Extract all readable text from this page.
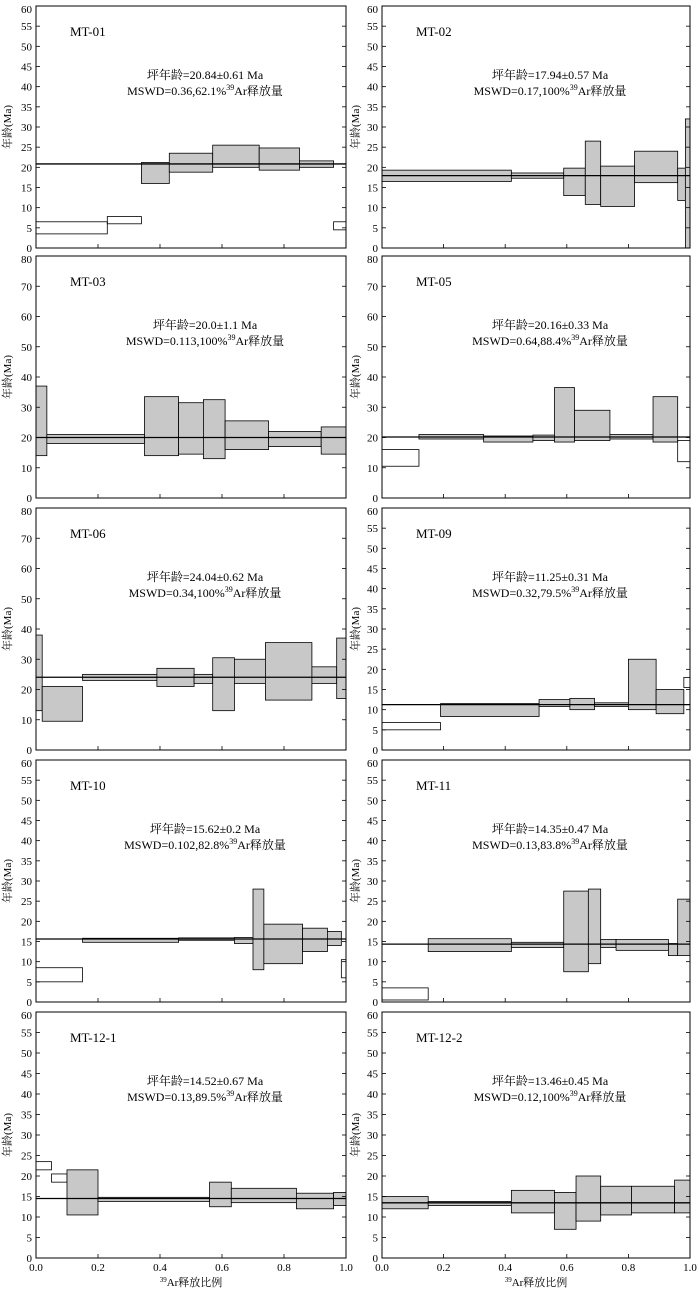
0
5
10
15
20
25
30
35
40
45
50
55
60
年龄(Ma)
MT-01
坪年龄=20.84±0.61 Ma
MSWD=0.36,62.1%$^{39}$Ar释放量
0
5
10
15
20
25
30
35
40
45
50
55
60
年龄(Ma)
MT-02
坪年龄=17.94±0.57 Ma
MSWD=0.17,100%$^{39}$Ar释放量
0
10
20
30
40
50
60
70
80
年龄(Ma)
MT-03
坪年龄=20.0±1.1 Ma
MSWD=0.113,100%$^{39}$Ar释放量
0
10
20
30
40
50
60
70
80
年龄(Ma)
MT-05
坪年龄=20.16±0.33 Ma
MSWD=0.64,88.4%$^{39}$Ar释放量
0
10
20
30
40
50
60
70
80
年龄(Ma)
MT-06
坪年龄=24.04±0.62 Ma
MSWD=0.34,100%$^{39}$Ar释放量
0
5
10
15
20
25
30
35
40
45
50
55
60
年龄(Ma)
MT-09
坪年龄=11.25±0.31 Ma
MSWD=0.32,79.5%$^{39}$Ar释放量
0
5
10
15
20
25
30
35
40
45
50
55
60
年龄(Ma)
MT-10
坪年龄=15.62±0.2 Ma
MSWD=0.102,82.8%$^{39}$Ar释放量
0
5
10
15
20
25
30
35
40
45
50
55
60
年龄(Ma)
MT-11
坪年龄=14.35±0.47 Ma
MSWD=0.13,83.8%$^{39}$Ar释放量
0
5
10
15
20
25
30
35
40
45
50
55
60
0.0	0.2	0.4	0.6	0.8	1.0
年龄(Ma)
MT-12-1
坪年龄=14.52±0.67 Ma
MSWD=0.13,89.5%$^{39}$Ar释放量
$^{39}$Ar释放比例
0
5
10
15
20
25
30
35
40
45
50
55
60
0.0	0.2	0.4	0.6	0.8	1.0
年龄(Ma)
MT-12-2
坪年龄=13.46±0.45 Ma
MSWD=0.12,100%$^{39}$Ar释放量
$^{39}$Ar释放比例
